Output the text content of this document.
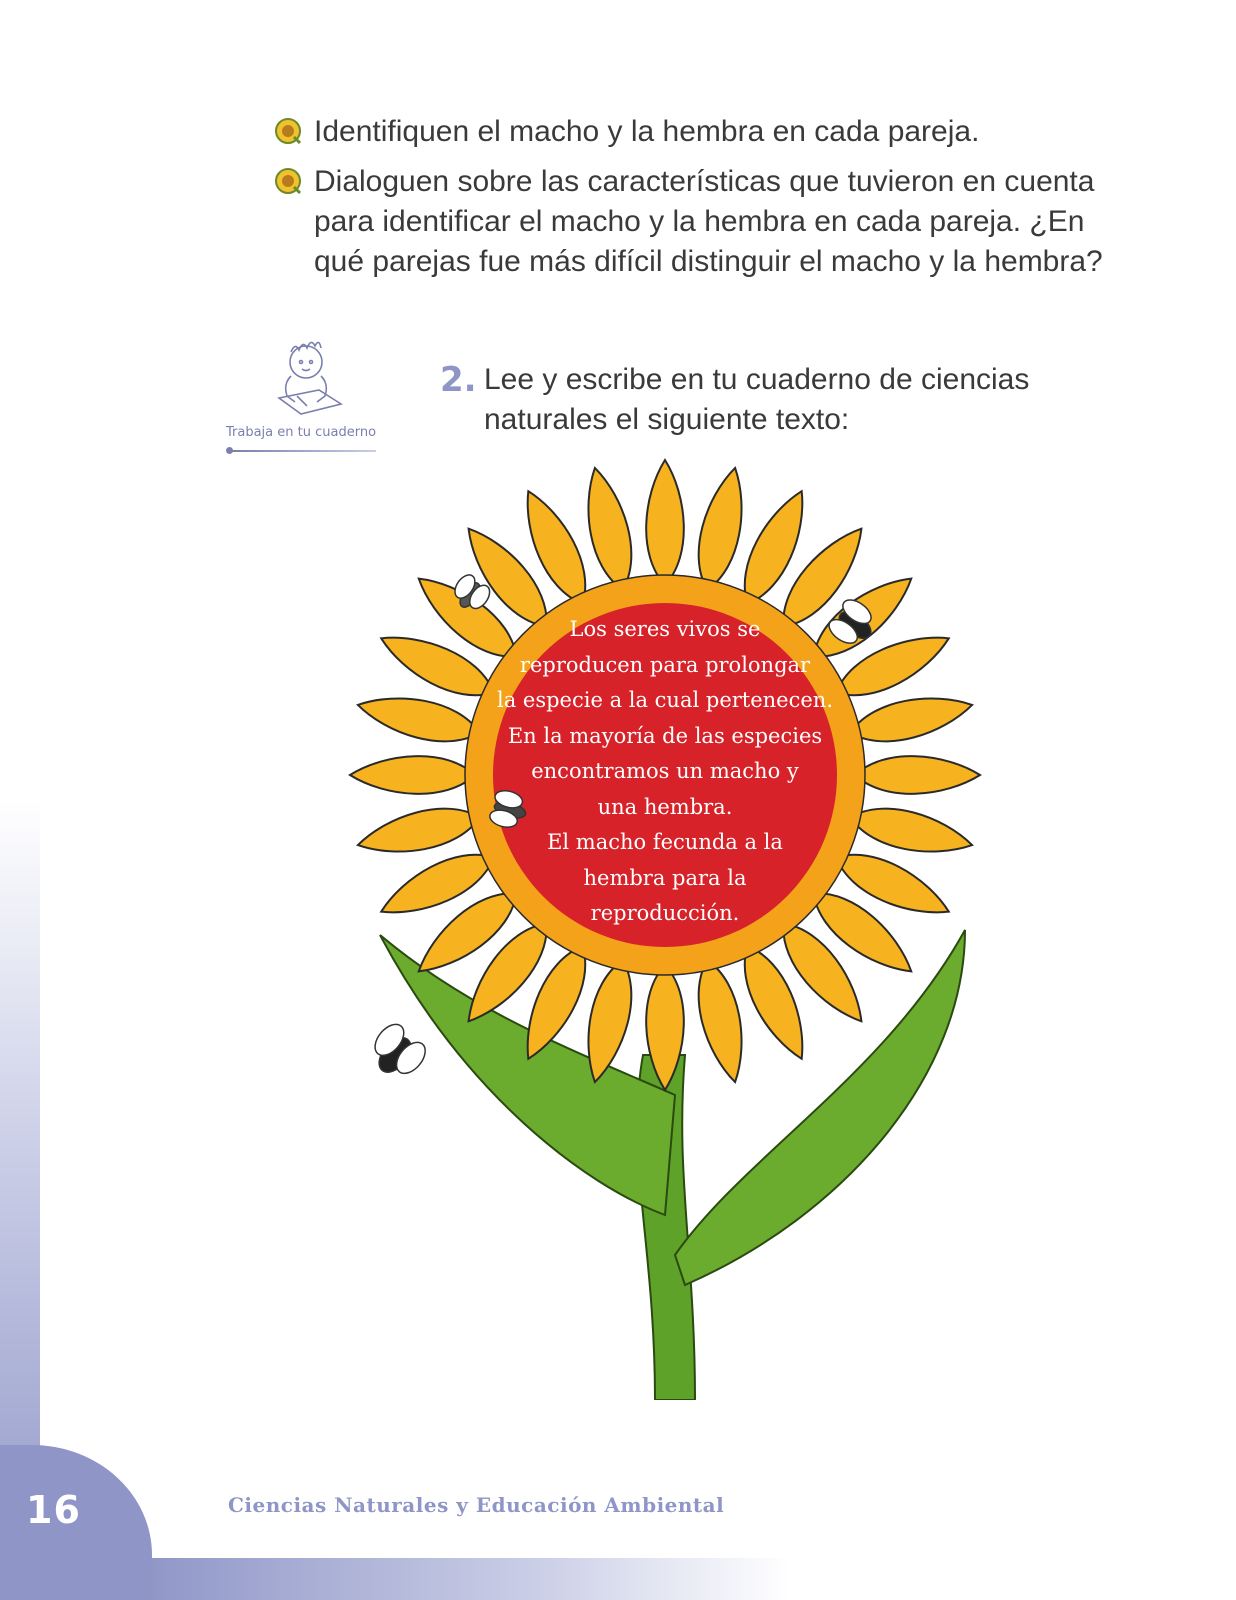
Identifiquen el macho y la hembra en cada pareja.
Dialoguen sobre las características que tuvieron en cuenta para identificar el macho y la hembra en cada pareja. ¿En qué parejas fue más difícil distinguir el macho y la hembra?
Trabaja en tu cuaderno
2. Lee y escribe en tu cuaderno de ciencias
naturales el siguiente texto:
Los seres vivos se
reproducen para prolongar
la especie a la cual pertenecen.
En la mayoría de las especies
encontramos un macho y
una hembra.
El macho fecunda a la
hembra para la
reproducción.
16	Ciencias Naturales y Educación Ambiental
